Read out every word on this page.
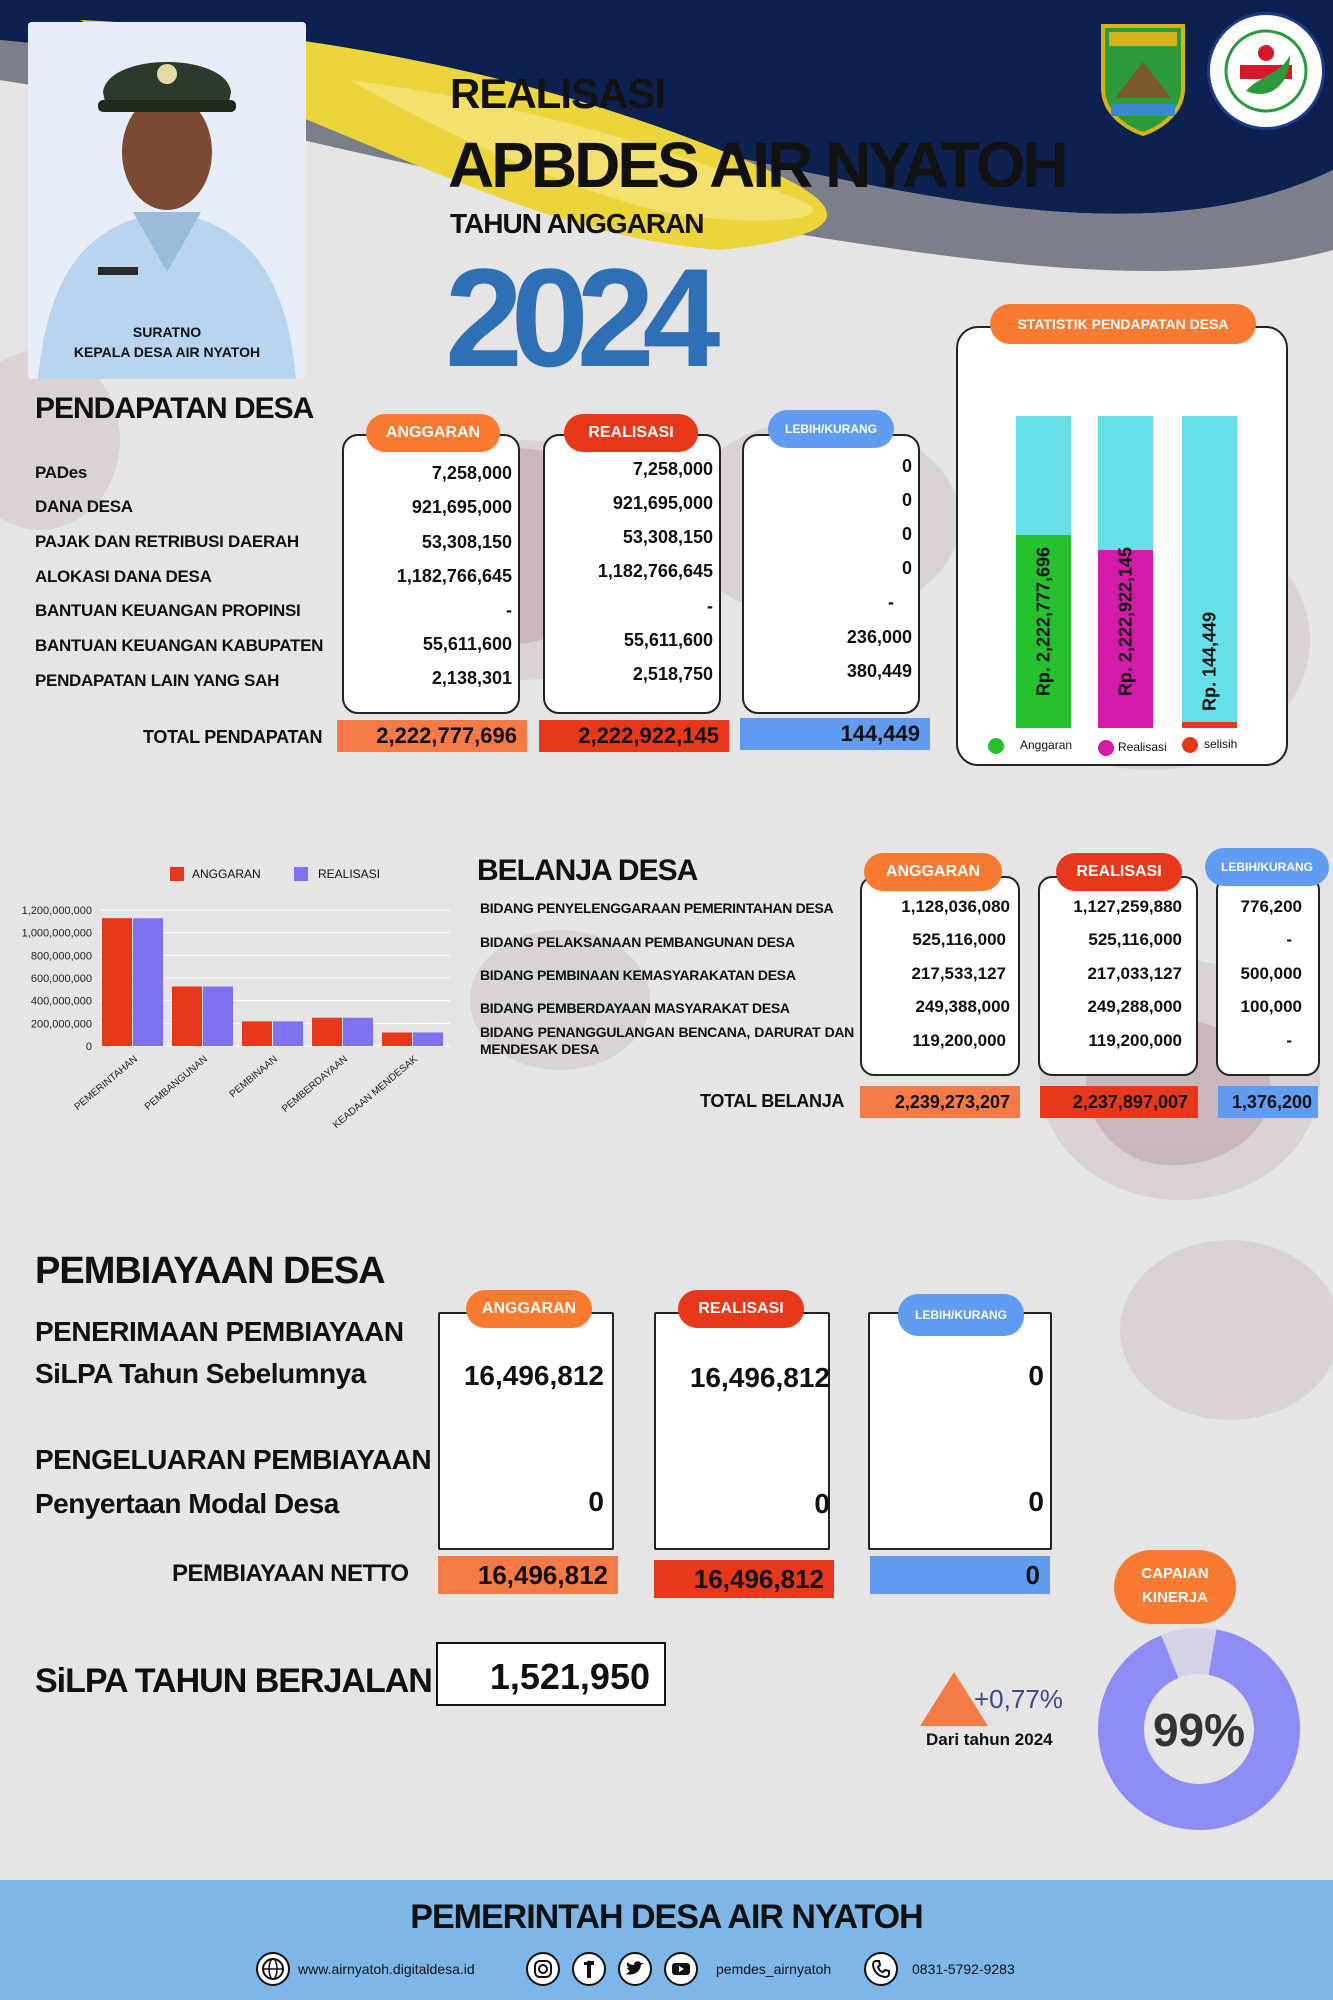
SURATNO
KEPALA DESA AIR NYATOH
REALISASI
APBDES AIR NYATOH
TAHUN ANGGARAN
2024
PENDAPATAN DESA
ANGGARAN	REALISASI	LEBIH/KURANG
PADes	7,258,000	7,258,000	0
DANA DESA	921,695,000	921,695,000	0
PAJAK DAN RETRIBUSI DAERAH	53,308,150	53,308,150	0
ALOKASI DANA DESA	1,182,766,645	1,182,766,645	0
BANTUAN KEUANGAN PROPINSI	-	-	-
BANTUAN KEUANGAN KABUPATEN	55,611,600	55,611,600	236,000
PENDAPATAN LAIN YANG SAH	2,138,301	2,518,750	380,449
TOTAL PENDAPATAN	2,222,777,696	2,222,922,145	144,449
STATISTIK PENDAPATAN DESA
Rp. 2,222,777,696	Rp. 2,222,922,145	Rp. 144,449
Anggaran	Realisasi	selisih
ANGGARAN	REALISASI
0
200,000,000
400,000,000
600,000,000
800,000,000
1,000,000,000
1,200,000,000
PEMERINTAHAN PEMBANGUNAN PEMBINAAN PEMBERDAYAAN
KEADAAN MENDESAK
BELANJA DESA	ANGGARAN	REALISASI	LEBIH/KURANG
BIDANG PENYELENGGARAAN PEMERINTAHAN DESA	1,128,036,080	1,127,259,880	776,200
BIDANG PELAKSANAAN PEMBANGUNAN DESA	525,116,000	525,116,000	-
BIDANG PEMBINAAN KEMASYARAKATAN DESA	217,533,127	217,033,127	500,000
BIDANG PEMBERDAYAAN MASYARAKAT DESA	249,388,000	249,288,000	100,000
BIDANG PENANGGULANGAN BENCANA, DARURAT DAN MENDESAK DESA	119,200,000	119,200,000	-
TOTAL BELANJA	2,239,273,207	2,237,897,007	1,376,200
PEMBIAYAAN DESA
PENERIMAAN PEMBIAYAAN
SiLPA Tahun Sebelumnya
PENGELUARAN PEMBIAYAAN
Penyertaan Modal Desa
ANGGARAN	REALISASI	LEBIH/KURANG
16,496,812	16,496,812	0
0	0	0
PEMBIAYAAN NETTO	16,496,812	16,496,812	0
SiLPA TAHUN BERJALAN 1,521,950
+0,77%
Dari tahun 2024	99%
CAPAIAN
KINERJA
PEMERINTAH DESA AIR NYATOH
www.airnyatoh.digitaldesa.id	pemdes_airnyatoh	0831-5792-9283
